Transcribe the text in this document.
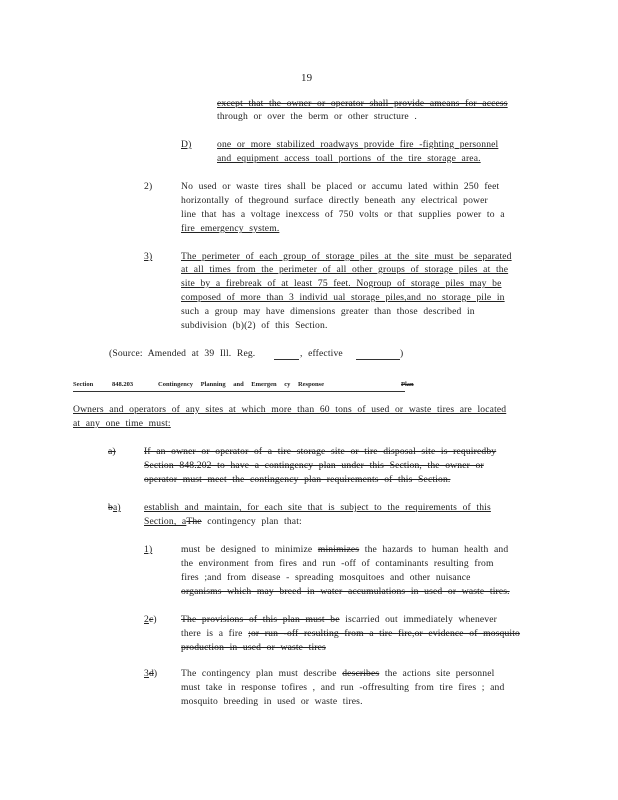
19
except that the owner or operator shall provide ameans for access
through or over the berm or other structure .
D)	one or more stabilized roadways provide fire -fighting personnel
and equipment access toall portions of the tire storage area.
2)	No used or waste tires shall be placed or accumu lated within 250 feet
horizontally of theground surface directly beneath any electrical power
line that has a voltage inexcess of 750 volts or that supplies power to a
fire emergency system.
3)	The perimeter of each group of storage piles at the site must be separated
at all times from the perimeter of all other groups of storage piles at the
site by a firebreak of at least 75 feet. Nogroup of storage piles may be
composed of more than 3 individ ual storage piles,and no storage pile in
such a group may have dimensions greater than those described in
subdivision (b)(2) of this Section.
(Source: Amended at 39 Ill. Reg.	, effective	)
Section	848.203	Contingency Planning and Emergen cy Response	Plan
Owners and operators of any sites at which more than 60 tons of used or waste tires are located
at any one time must:
a)	If an owner or operator of a tire storage site or tire disposal site is requiredby
Section 848.202 to have a contingency plan under this Section, the owner or
operator must meet the contingency plan requirements of this Section.
ba) establish and maintain, for each site that is subject to the requirements of this
Section, aThe contingency plan that:
1)	must be designed to minimize minimizes the hazards to human health and
the environment from fires and run -off of contaminants resulting from
fires ;and from disease - spreading mosquitoes and other nuisance
organisms which may breed in water accumulations in used or waste tires.
2c)	The provisions of this plan must be iscarried out immediately whenever
there is a fire ;or run -off resulting from a tire fire,or evidence of mosquito
production in used or waste tires
3d) The contingency plan must describe describes the actions site personnel
must take in response tofires , and run -offresulting from tire fires ; and
mosquito breeding in used or waste tires.
